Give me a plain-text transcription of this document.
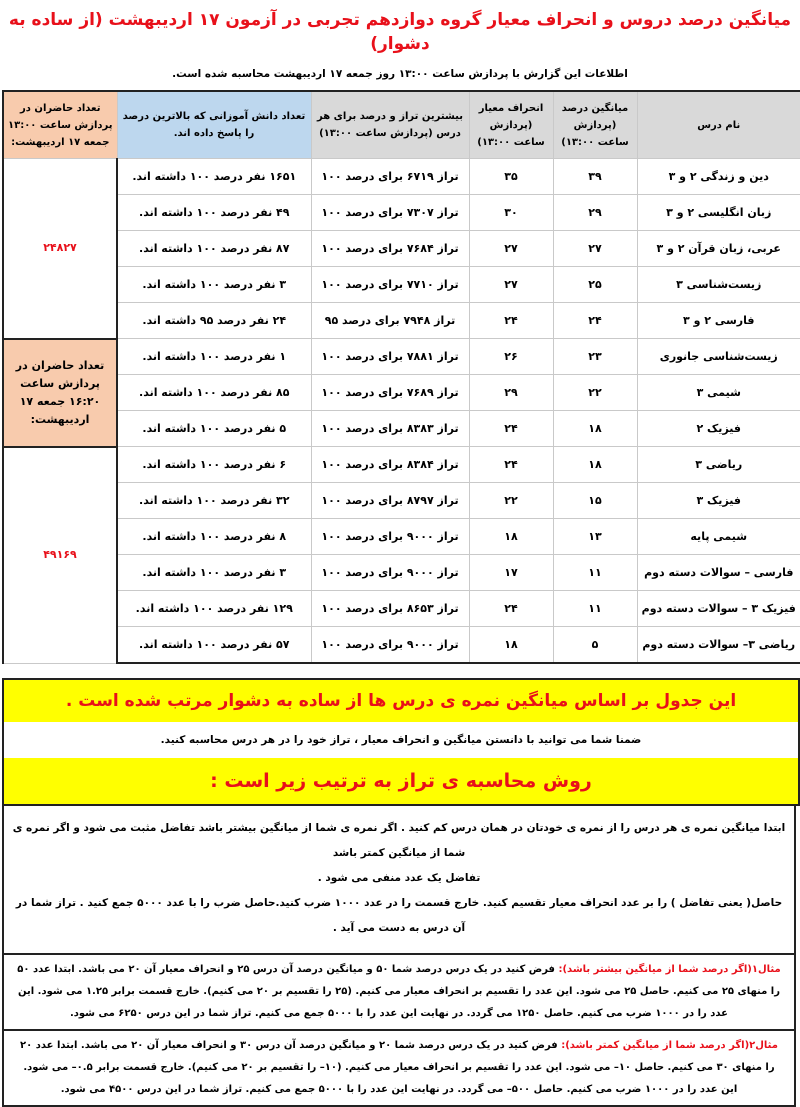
میانگین درصد دروس و انحراف معیار گروه دوازدهم تجربی در آزمون ۱۷ اردیبهشت (از ساده به دشوار)
اطلاعات این گزارش با پردازش ساعت ۱۳:۰۰ روز جمعه ۱۷ اردیبهشت محاسبه شده است.
نام درس	میانگین درصد (پردازش ساعت ۱۳:۰۰)	انحراف معیار (پردازش ساعت ۱۳:۰۰)	بیشترین تراز و درصد برای هر درس (پردازش ساعت ۱۳:۰۰)	تعداد دانش آموزانی که بالاترین درصد را پاسخ داده اند.	تعداد حاضران در پردازش ساعت ۱۳:۰۰ جمعه ۱۷ اردیبهشت:
دین و زندگی ۲ و ۳	۳۹	۳۵	تراز ۶۷۱۹ برای درصد ۱۰۰	۱۶۵۱ نفر درصد ۱۰۰ داشته اند.	۲۴۸۲۷
زبان انگلیسی ۲ و ۳	۲۹	۳۰	تراز ۷۳۰۷ برای درصد ۱۰۰	۴۹ نفر درصد ۱۰۰ داشته اند.	
عربی، زبان قرآن ۲ و ۳	۲۷	۲۷	تراز ۷۶۸۴ برای درصد ۱۰۰	۸۷ نفر درصد ۱۰۰ داشته اند.	
زیست‌شناسی ۳	۲۵	۲۷	تراز ۷۷۱۰ برای درصد ۱۰۰	۳ نفر درصد ۱۰۰ داشته اند.	
فارسی ۲ و ۳	۲۴	۲۴	تراز ۷۹۴۸ برای درصد ۹۵	۲۴ نفر درصد ۹۵ داشته اند.	
زیست‌شناسی جانوری	۲۳	۲۶	تراز ۷۸۸۱ برای درصد ۱۰۰	۱ نفر درصد ۱۰۰ داشته اند.	تعداد حاضران در پردازش ساعت ۱۶:۲۰ جمعه ۱۷ اردیبهشت:
شیمی ۳	۲۲	۲۹	تراز ۷۶۸۹ برای درصد ۱۰۰	۸۵ نفر درصد ۱۰۰ داشته اند.	
فیزیک ۲	۱۸	۲۴	تراز ۸۳۸۳ برای درصد ۱۰۰	۵ نفر درصد ۱۰۰ داشته اند.	
ریاضی ۳	۱۸	۲۴	تراز ۸۳۸۴ برای درصد ۱۰۰	۶ نفر درصد ۱۰۰ داشته اند.	۴۹۱۶۹
فیزیک ۳	۱۵	۲۲	تراز ۸۷۹۷ برای درصد ۱۰۰	۳۲ نفر درصد ۱۰۰ داشته اند.	
شیمی پایه	۱۳	۱۸	تراز ۹۰۰۰ برای درصد ۱۰۰	۸ نفر درصد ۱۰۰ داشته اند.	
فارسی – سوالات دسته دوم	۱۱	۱۷	تراز ۹۰۰۰ برای درصد ۱۰۰	۳ نفر درصد ۱۰۰ داشته اند.	
فیزیک ۳ – سوالات دسته دوم	۱۱	۲۴	تراز ۸۶۵۳ برای درصد ۱۰۰	۱۲۹ نفر درصد ۱۰۰ داشته اند.	
ریاضی ۳– سوالات دسته دوم	۵	۱۸	تراز ۹۰۰۰ برای درصد ۱۰۰	۵۷ نفر درصد ۱۰۰ داشته اند.	
این جدول بر اساس میانگین نمره ی درس ها از ساده به دشوار مرتب شده است .
ضمنا شما می توانید با دانستن میانگین و انحراف معیار ، تراز خود را در هر درس محاسبه کنید.
روش محاسبه ی تراز به ترتیب زیر است :
ابتدا میانگین نمره ی هر درس را از نمره ی خودتان در همان درس کم کنید . اگر نمره ی شما از میانگین بیشتر باشد تفاضل مثبت می شود و اگر نمره ی شما از میانگین کمتر باشد
تفاضل یک عدد منفی می شود .
حاصل( یعنی تفاضل ) را بر عدد انحراف معیار تقسیم کنید. خارج قسمت را در عدد ۱۰۰۰ ضرب کنید.حاصل ضرب را با عدد ۵۰۰۰ جمع کنید . تراز شما در آن درس به دست می آید .
مثال۱(اگر درصد شما از میانگین بیشتر باشد): فرض کنید در یک درس درصد شما ۵۰ و میانگین درصد آن درس ۲۵ و انحراف معیار آن ۲۰ می باشد. ابتدا عدد ۵۰ را منهای ۲۵ می کنیم. حاصل ۲۵ می شود. این عدد را تقسیم بر انحراف معیار می کنیم. (۲۵ را تقسیم بر ۲۰ می کنیم). خارج قسمت برابر ۱.۲۵ می شود. این عدد را در ۱۰۰۰ ضرب می کنیم. حاصل ۱۲۵۰ می گردد. در نهایت این عدد را با ۵۰۰۰ جمع می کنیم. تراز شما در این درس ۶۲۵۰ می شود.
مثال۲(اگر درصد شما از میانگین کمتر باشد): فرض کنید در یک درس درصد شما ۲۰ و میانگین درصد آن درس ۳۰ و انحراف معیار آن ۲۰ می باشد. ابتدا عدد ۲۰ را منهای ۳۰ می کنیم. حاصل ۱۰– می شود. این عدد را تقسیم بر انحراف معیار می کنیم. (۱۰– را تقسیم بر ۲۰ می کنیم). خارج قسمت برابر ۰.۵– می شود. این عدد را در ۱۰۰۰ ضرب می کنیم. حاصل ۵۰۰– می گردد. در نهایت این عدد را با ۵۰۰۰ جمع می کنیم. تراز شما در این درس ۴۵۰۰ می شود.
